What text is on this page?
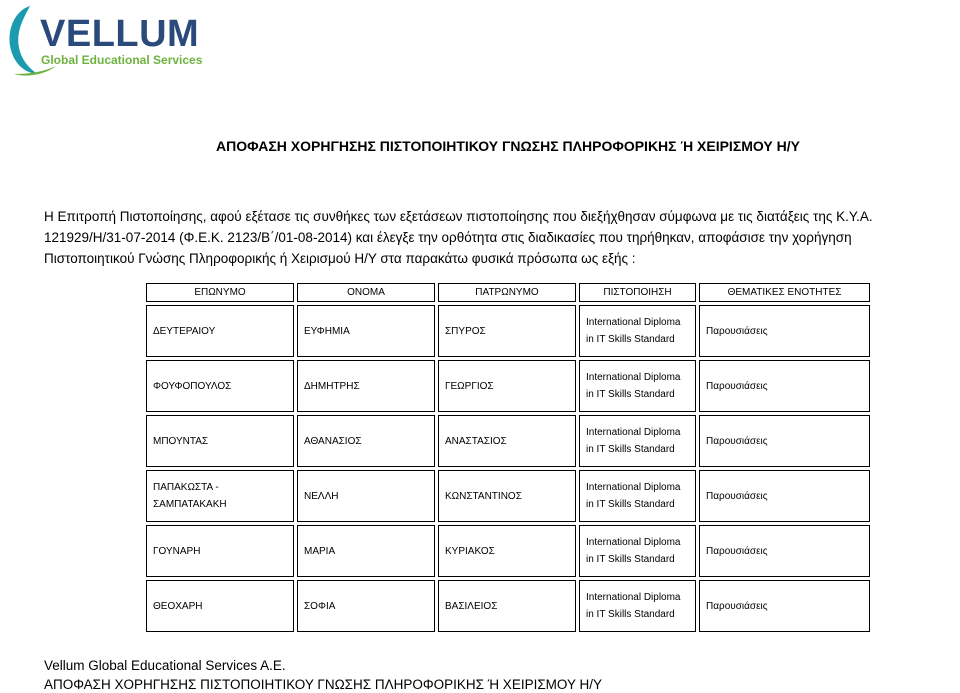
VELLUM
Global Educational Services
ΑΠΟΦΑΣΗ ΧΟΡΗΓΗΣΗΣ ΠΙΣΤΟΠΟΙΗΤΙΚΟΥ ΓΝΩΣΗΣ ΠΛΗΡΟΦΟΡΙΚΗΣ Ή ΧΕΙΡΙΣΜΟΥ Η/Υ

Η Επιτροπή Πιστοποίησης, αφού εξέτασε τις συνθήκες των εξετάσεων πιστοποίησης που διεξήχθησαν σύμφωνα με τις διατάξεις της Κ.Υ.Α. 121929/Η/31-07-2014 (Φ.Ε.Κ. 2123/Β΄/01-08-2014) και έλεγξε την ορθότητα στις διαδικασίες που τηρήθηκαν, αποφάσισε την χορήγηση Πιστοποιητικού Γνώσης Πληροφορικής ή Χειρισμού Η/Υ στα παρακάτω φυσικά πρόσωπα ως εξής :

ΕΠΩΝΥΜΟ	ΟΝΟΜΑ	ΠΑΤΡΩΝΥΜΟ	ΠΙΣΤΟΠΟΙΗΣΗ	ΘΕΜΑΤΙΚΕΣ ΕΝΟΤΗΤΕΣ
ΔΕΥΤΕΡΑΙΟΥ	ΕΥΦΗΜΙΑ	ΣΠΥΡΟΣ	International Diploma in IT Skills Standard	Παρουσιάσεις
ΦΟΥΦΟΠΟΥΛΟΣ	ΔΗΜΗΤΡΗΣ	ΓΕΩΡΓΙΟΣ	International Diploma in IT Skills Standard	Παρουσιάσεις
ΜΠΟΥΝΤΑΣ	ΑΘΑΝΑΣΙΟΣ	ΑΝΑΣΤΑΣΙΟΣ	International Diploma in IT Skills Standard	Παρουσιάσεις
ΠΑΠΑΚΩΣΤΑ - ΣΑΜΠΑΤΑΚΑΚΗ	ΝΕΛΛΗ	ΚΩΝΣΤΑΝΤΙΝΟΣ	International Diploma in IT Skills Standard	Παρουσιάσεις
ΓΟΥΝΑΡΗ	ΜΑΡΙΑ	ΚΥΡΙΑΚΟΣ	International Diploma in IT Skills Standard	Παρουσιάσεις
ΘΕΟΧΑΡΗ	ΣΟΦΙΑ	ΒΑΣΙΛΕΙΟΣ	International Diploma in IT Skills Standard	Παρουσιάσεις
Vellum Global Educational Services A.E.
ΑΠΟΦΑΣΗ ΧΟΡΗΓΗΣΗΣ ΠΙΣΤΟΠΟΙΗΤΙΚΟΥ ΓΝΩΣΗΣ ΠΛΗΡΟΦΟΡΙΚΗΣ Ή ΧΕΙΡΙΣΜΟΥ Η/Υ
